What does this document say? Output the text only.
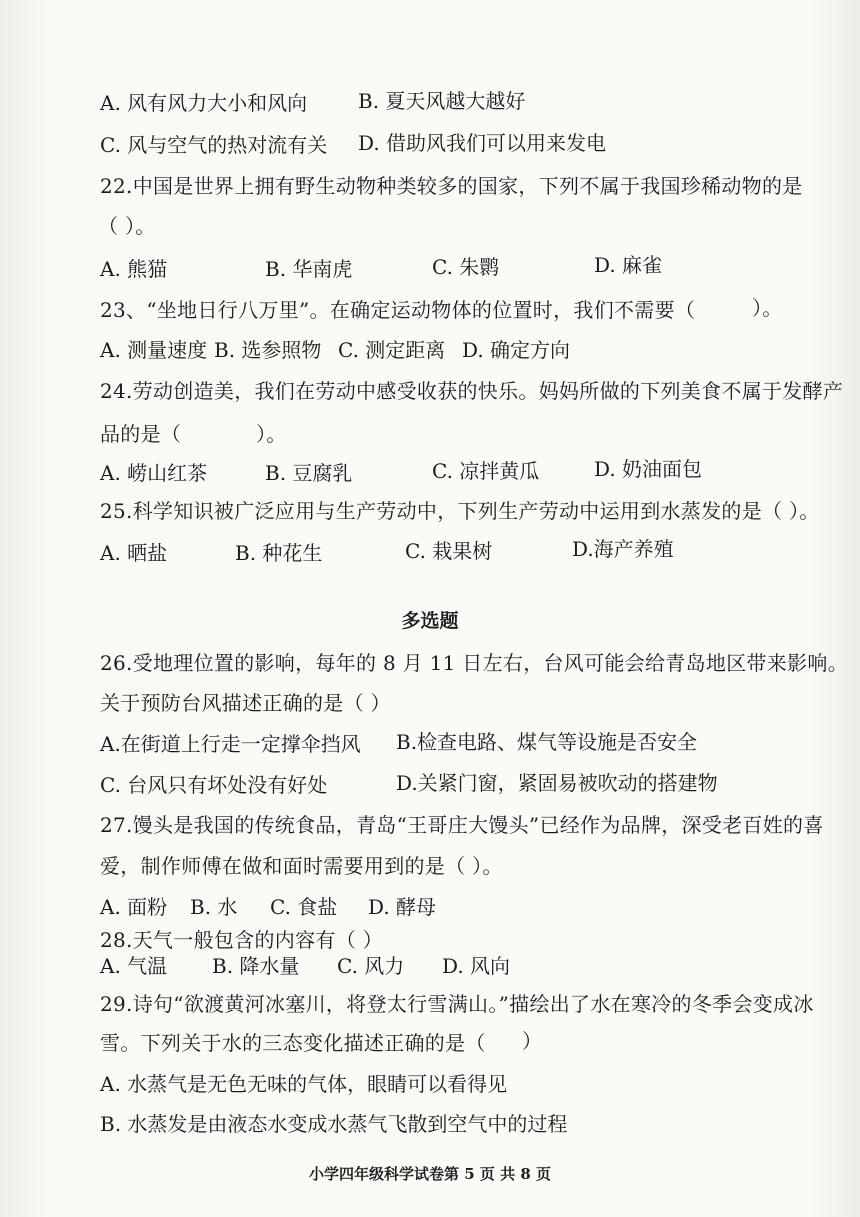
A. 风有风力大小和风向	B. 夏天风越大越好
C. 风与空气的热对流有关 D. 借助风我们可以用来发电
22.中国是世界上拥有野生动物种类较多的国家，下列不属于我国珍稀动物的是
（ ）。
A. 熊猫	B. 华南虎	C. 朱鹮	D. 麻雀
23、“坐地日行八万里”。在确定运动物体的位置时，我们不需要（	）。
A. 测量速度 B. 选参照物 C. 测定距离 D. 确定方向
24.劳动创造美，我们在劳动中感受收获的快乐。妈妈所做的下列美食不属于发酵产
品的是（	）。
A. 崂山红茶	B. 豆腐乳	C. 凉拌黄瓜	D. 奶油面包
25.科学知识被广泛应用与生产劳动中，下列生产劳动中运用到水蒸发的是（ ）。
A. 晒盐	B. 种花生	C. 栽果树	D.海产养殖
多选题
26.受地理位置的影响，每年的 8 月 11 日左右，台风可能会给青岛地区带来影响。
关于预防台风描述正确的是（ ）
A.在街道上行走一定撑伞挡风 B.检查电路、煤气等设施是否安全
C. 台风只有坏处没有好处	D.关紧门窗，紧固易被吹动的搭建物
27.馒头是我国的传统食品，青岛“王哥庄大馒头”已经作为品牌，深受老百姓的喜
爱，制作师傅在做和面时需要用到的是（ ）。
A. 面粉 B. 水 C. 食盐 D. 酵母
28.天气一般包含的内容有（ ）
A. 气温 B. 降水量 C. 风力 D. 风向
29.诗句“欲渡黄河冰塞川，将登太行雪满山。”描绘出了水在寒冷的冬季会变成冰
雪。下列关于水的三态变化描述正确的是（ ）
A. 水蒸气是无色无味的气体，眼睛可以看得见
B. 水蒸发是由液态水变成水蒸气飞散到空气中的过程
小学四年级科学试卷第 5 页 共 8 页
